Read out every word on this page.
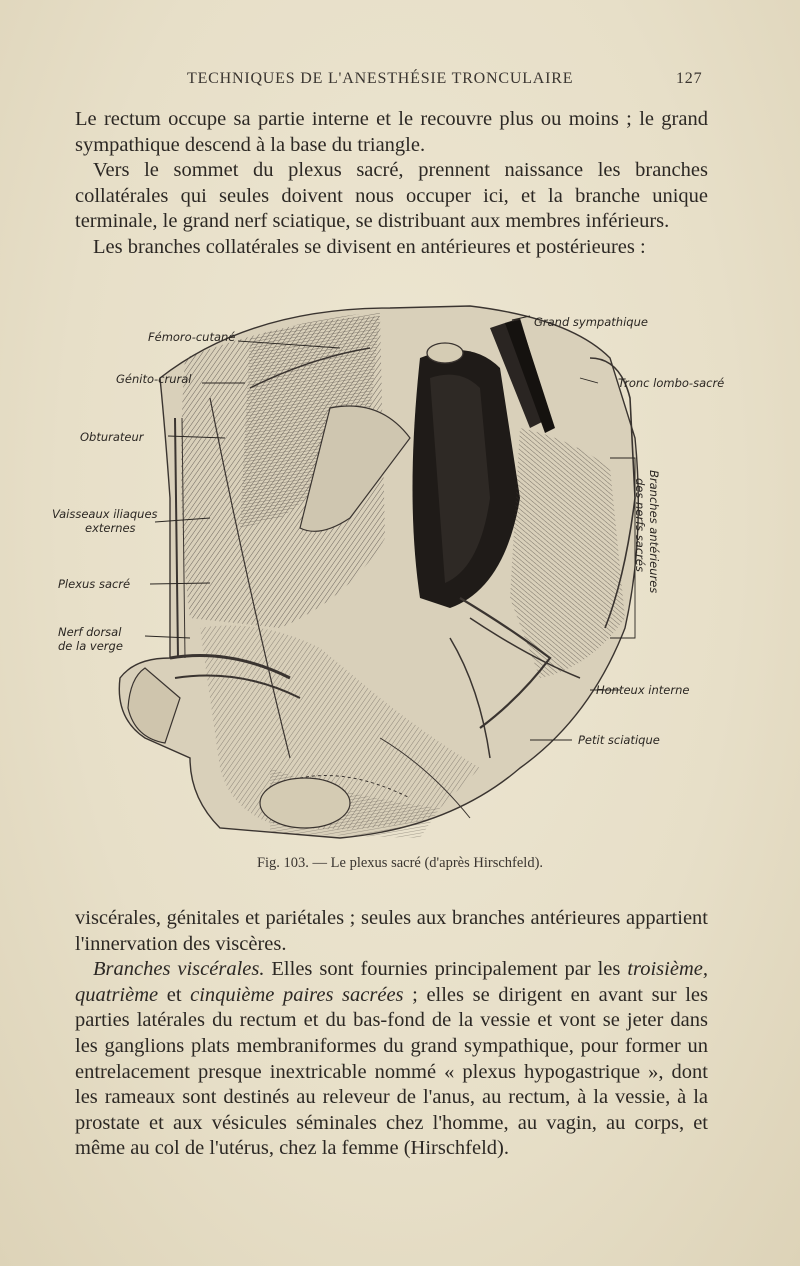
TECHNIQUES DE L'ANESTHÉSIE TRONCULAIRE	127

Le rectum occupe sa partie interne et le recouvre plus ou moins ; le grand sympathique descend à la base du triangle.

Vers le sommet du plexus sacré, prennent naissance les branches collatérales qui seules doivent nous occuper ici, et la branche unique terminale, le grand nerf sciatique, se distribuant aux membres inférieurs.

Les branches collatérales se divisent en antérieures et postérieures :

Fémoro-cutané
Génito-crural
Obturateur
Vaisseaux iliaques
externes
Plexus sacré
Nerf dorsal
de la verge
Grand sympathique
Tronc lombo-sacré
Branches antérieures
des nerfs sacrés
Honteux interne
Petit sciatique
Fig. 103. — Le plexus sacré (d'après Hirschfeld).

viscérales, génitales et pariétales ; seules aux branches antérieures appartient l'innervation des viscères.

Branches viscérales. Elles sont fournies principalement par les troisième, quatrième et cinquième paires sacrées ; elles se dirigent en avant sur les parties latérales du rectum et du bas-fond de la vessie et vont se jeter dans les ganglions plats membraniformes du grand sympathique, pour former un entrelacement presque inextricable nommé « plexus hypogastrique », dont les rameaux sont destinés au releveur de l'anus, au rectum, à la vessie, à la prostate et aux vésicules séminales chez l'homme, au vagin, au corps, et même au col de l'utérus, chez la femme (Hirschfeld).
